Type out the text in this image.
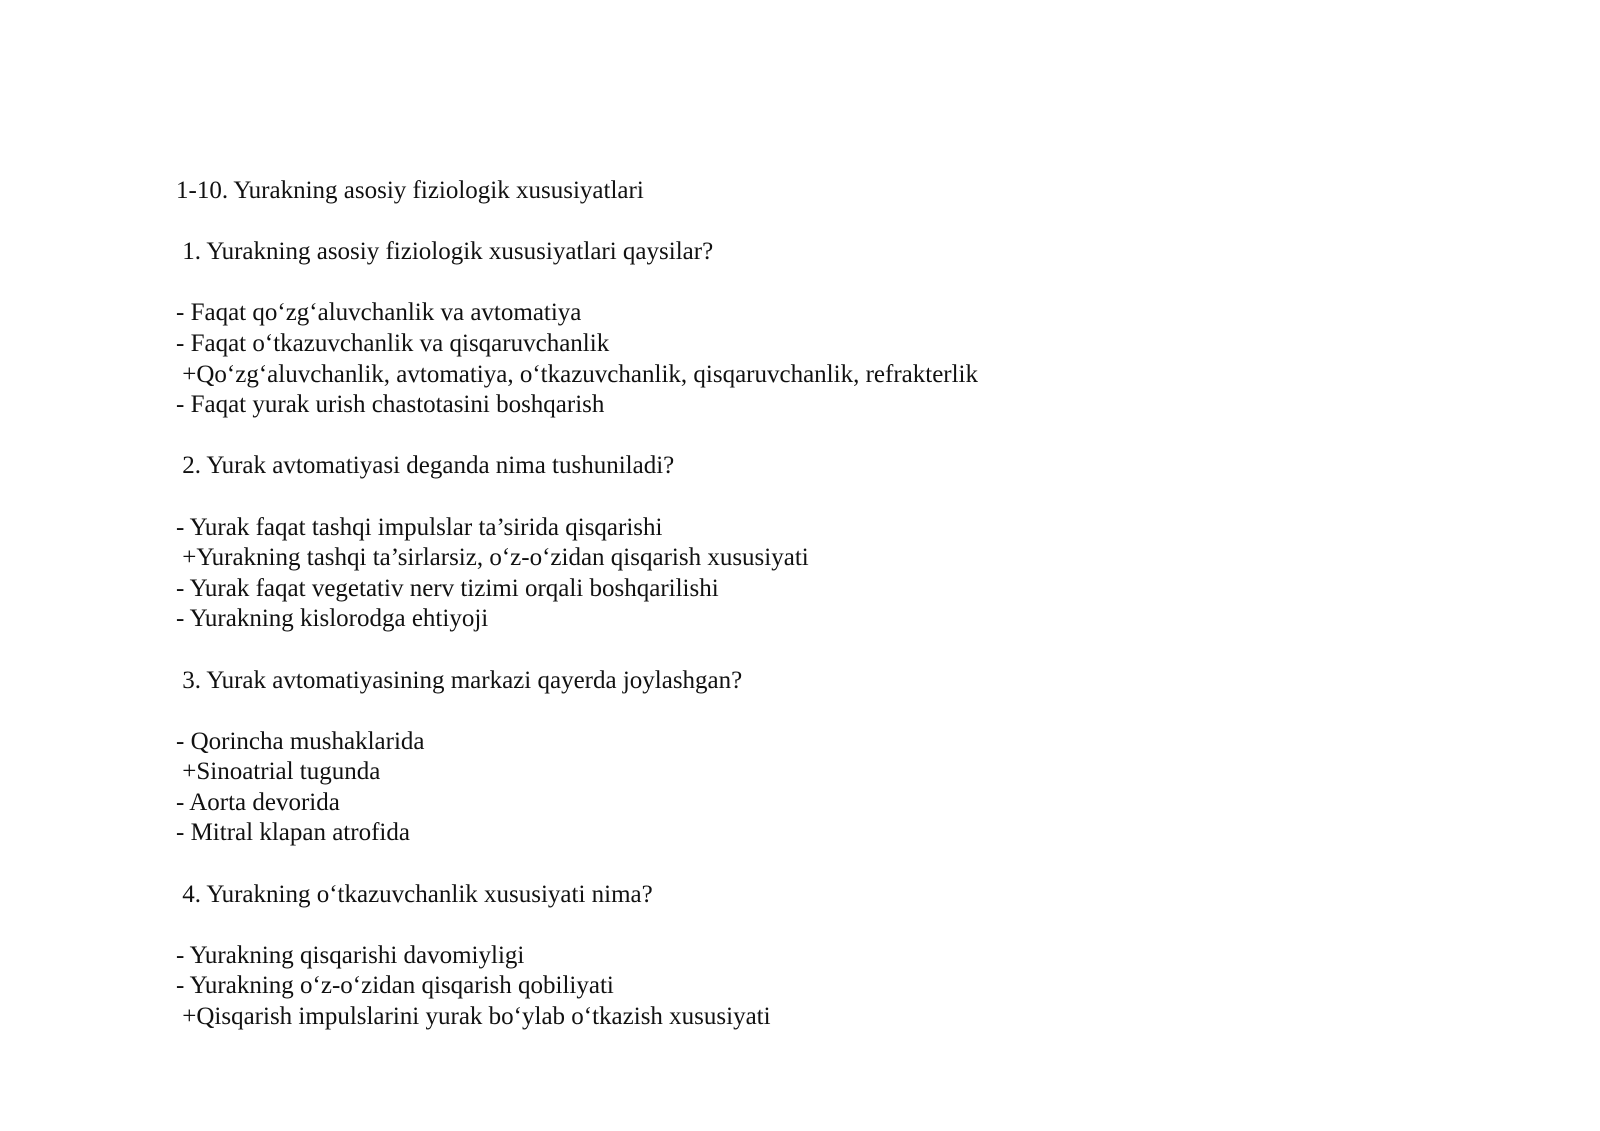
1-10. Yurakning asosiy fiziologik xususiyatlari
1. Yurakning asosiy fiziologik xususiyatlari qaysilar?
- Faqat qo‘zg‘aluvchanlik va avtomatiya
- Faqat o‘tkazuvchanlik va qisqaruvchanlik
+Qo‘zg‘aluvchanlik, avtomatiya, o‘tkazuvchanlik, qisqaruvchanlik, refrakterlik
- Faqat yurak urish chastotasini boshqarish
2. Yurak avtomatiyasi deganda nima tushuniladi?
- Yurak faqat tashqi impulslar ta’sirida qisqarishi
+Yurakning tashqi ta’sirlarsiz, o‘z-o‘zidan qisqarish xususiyati
- Yurak faqat vegetativ nerv tizimi orqali boshqarilishi
- Yurakning kislorodga ehtiyoji
3. Yurak avtomatiyasining markazi qayerda joylashgan?
- Qorincha mushaklarida
+Sinoatrial tugunda
- Aorta devorida
- Mitral klapan atrofida
4. Yurakning o‘tkazuvchanlik xususiyati nima?
- Yurakning qisqarishi davomiyligi
- Yurakning o‘z-o‘zidan qisqarish qobiliyati
+Qisqarish impulslarini yurak bo‘ylab o‘tkazish xususiyati
